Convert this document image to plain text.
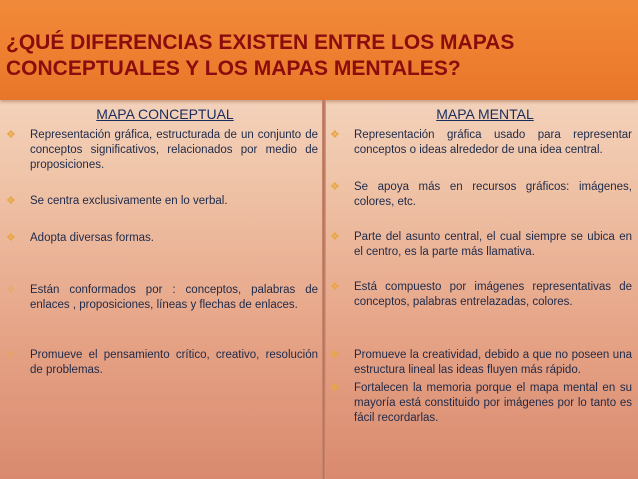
¿QUÉ DIFERENCIAS EXISTEN ENTRE LOS MAPAS CONCEPTUALES Y LOS MAPAS MENTALES?
MAPA CONCEPTUAL	MAPA MENTAL
❖ Representación gráfica, estructurada de un conjunto de conceptos significativos, relacionados por medio de proposiciones.
❖ Se centra exclusivamente en lo verbal.
❖ Adopta diversas formas.
❖ Están conformados por : conceptos, palabras de enlaces , proposiciones, líneas y flechas de enlaces.
❖ Promueve el pensamiento crítico, creativo, resolución de problemas.
❖ Representación gráfica usado para representar conceptos o ideas alrededor de una idea central.
❖ Se apoya más en recursos gráficos: imágenes, colores, etc.
❖ Parte del asunto central, el cual siempre se ubica en el centro, es la parte más llamativa.
❖ Está compuesto por imágenes representativas de conceptos, palabras entrelazadas, colores.
❖ Promueve la creatividad, debido a que no poseen una estructura lineal las ideas fluyen más rápido.
❖ Fortalecen la memoria porque el mapa mental en su mayoría está constituido por imágenes por lo tanto es fácil recordarlas.
